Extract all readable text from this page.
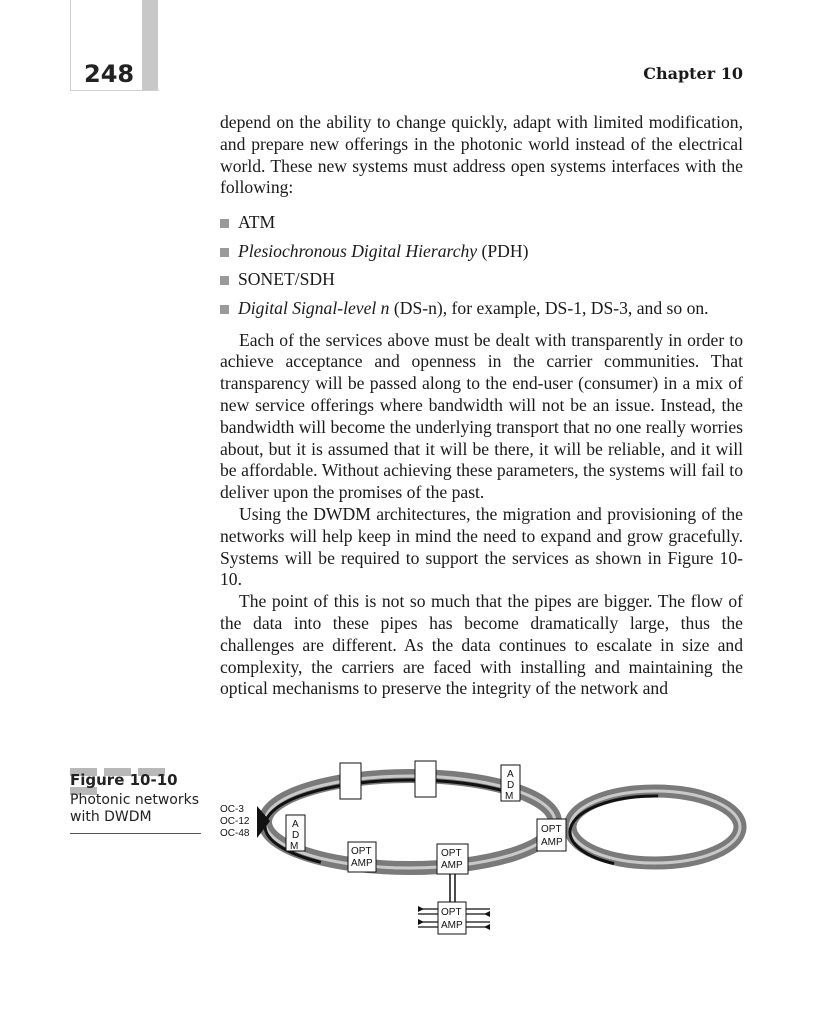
248	Chapter 10

depend on the ability to change quickly, adapt with limited modification, and prepare new offerings in the photonic world instead of the electrical world. These new systems must address open systems interfaces with the following:

ATM
Plesiochronous Digital Hierarchy (PDH)
SONET/SDH
Digital Signal-level n (DS-n), for example, DS-1, DS-3, and so on.

Each of the services above must be dealt with transparently in order to achieve acceptance and openness in the carrier communities. That transparency will be passed along to the end-user (consumer) in a mix of new service offerings where bandwidth will not be an issue. Instead, the bandwidth will become the underlying transport that no one really worries about, but it is assumed that it will be there, it will be reliable, and it will be affordable. Without achieving these parameters, the systems will fail to deliver upon the promises of the past.

Using the DWDM architectures, the migration and provisioning of the networks will help keep in mind the need to expand and grow gracefully. Systems will be required to support the services as shown in Figure 10-10.

The point of this is not so much that the pipes are bigger. The flow of the data into these pipes has become dramatically large, thus the challenges are different. As the data continues to escalate in size and complexity, the carriers are faced with installing and maintaining the optical mechanisms to preserve the integrity of the network and

Figure 10-10
Photonic networks with DWDM	OC-3
OC-12
OC-48
A
D
M
A
D
M	OPT
AMP
OPT
AMP
OPT
AMP
OPT
AMP
